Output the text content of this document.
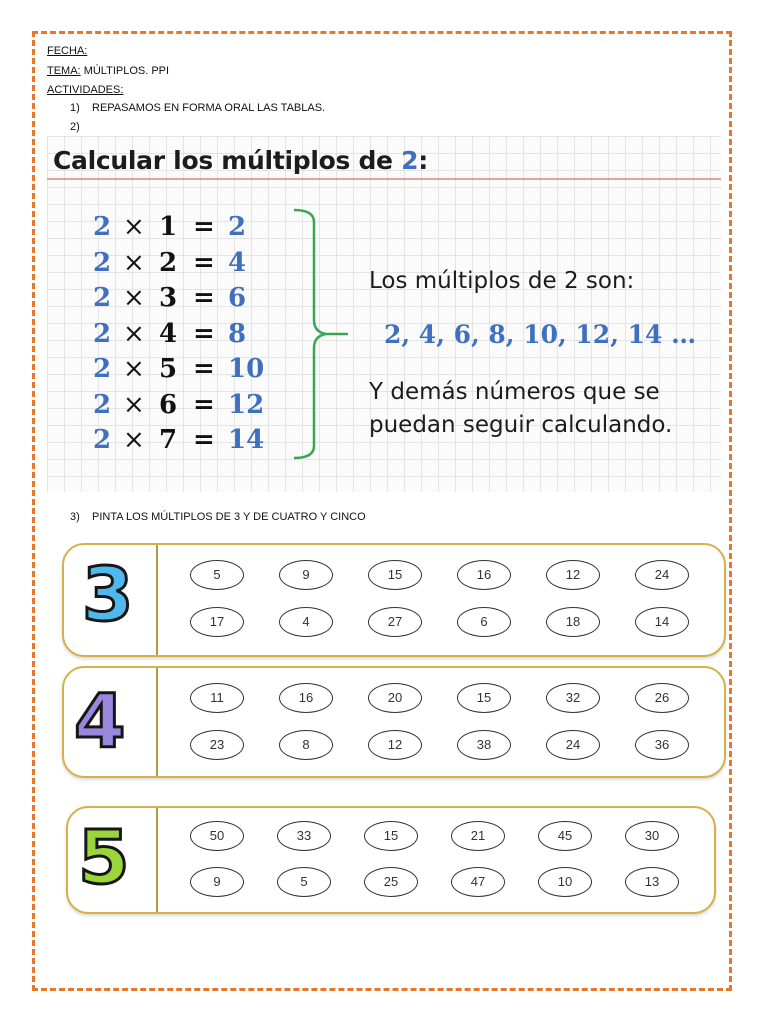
FECHA:
TEMA: MÚLTIPLOS. PPI
ACTIVIDADES:
1) REPASAMOS EN FORMA ORAL LAS TABLAS.
2)
Calcular los múltiplos de 2:
2 × 1 = 2
2 × 2 = 4
2 × 3 = 6
2 × 4 = 8
2 × 5 = 10
2 × 6 = 12
2 × 7 = 14
Los múltiplos de 2 son:
2, 4, 6, 8, 10, 12, 14 …
Y demás números que se puedan seguir calculando.
3) PINTA LOS MÚLTIPLOS DE 3 Y DE CUATRO Y CINCO
3	5	9	15	16	12	24
17	4	27	6	18	14
4	11	16	20	15	32	26
23	8	12	38	24	36
5	50	33	15	21	45	30
9	5	25	47	10	13
